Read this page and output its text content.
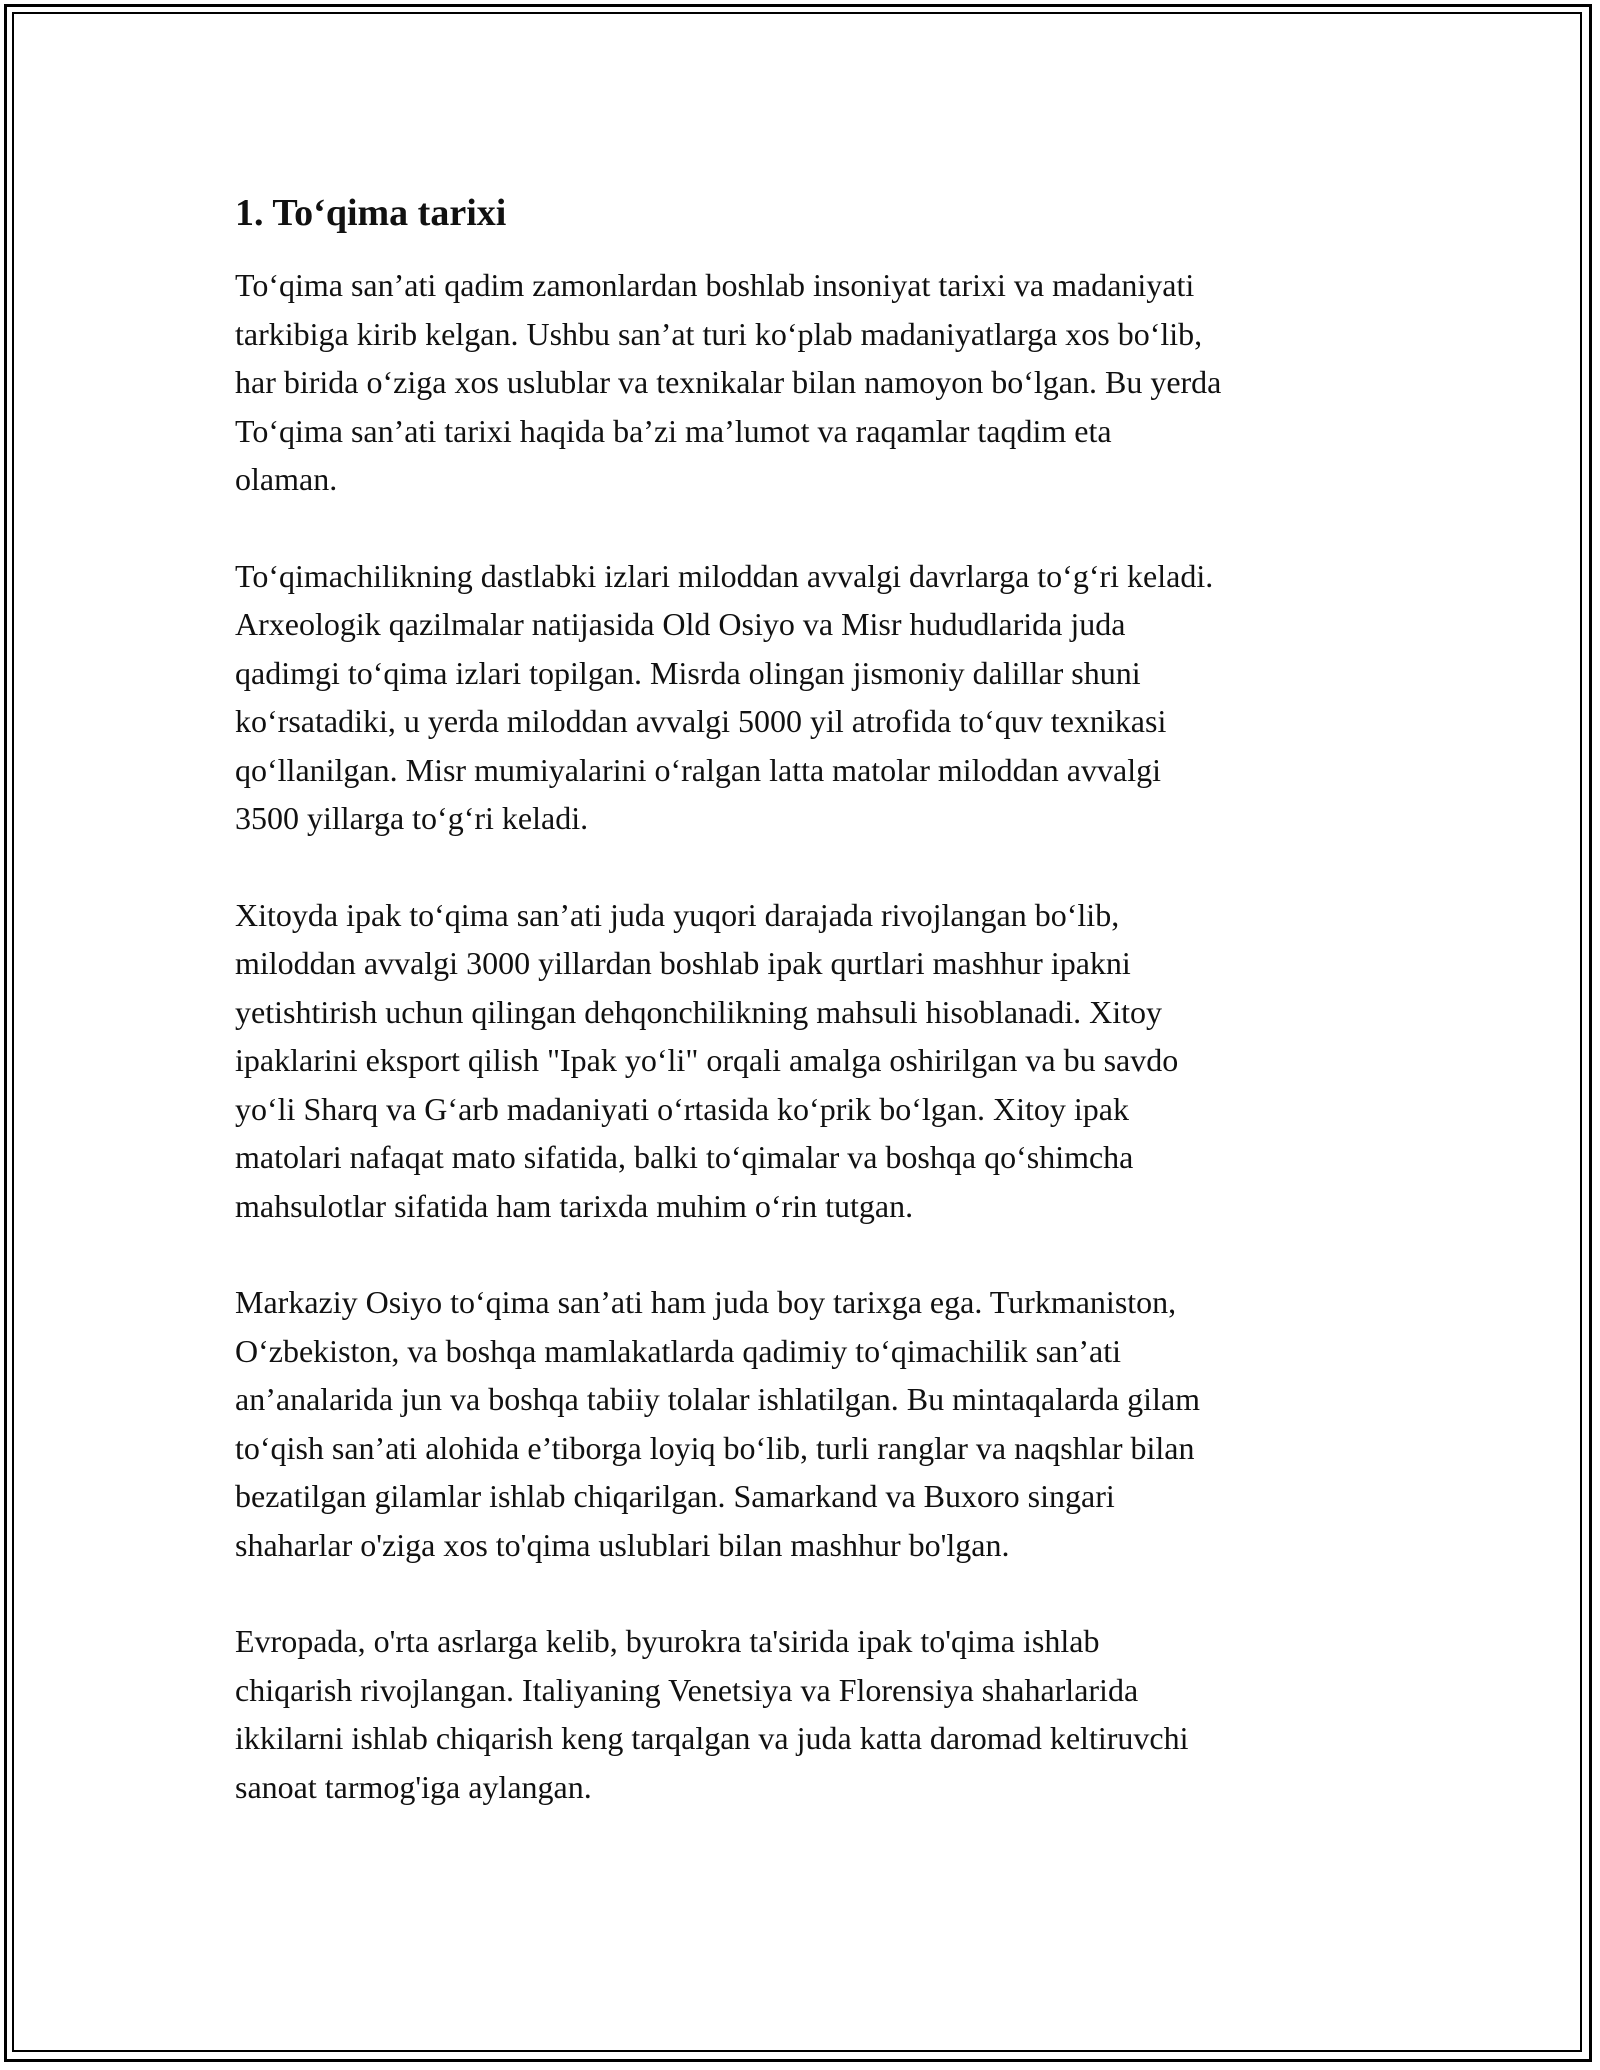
1. To‘qima tarixi

To‘qima san’ati qadim zamonlardan boshlab insoniyat tarixi va madaniyati
tarkibiga kirib kelgan. Ushbu san’at turi ko‘plab madaniyatlarga xos bo‘lib,
har birida o‘ziga xos uslublar va texnikalar bilan namoyon bo‘lgan. Bu yerda
To‘qima san’ati tarixi haqida ba’zi ma’lumot va raqamlar taqdim eta
olaman.

To‘qimachilikning dastlabki izlari miloddan avvalgi davrlarga to‘g‘ri keladi.
Arxeologik qazilmalar natijasida Old Osiyo va Misr hududlarida juda
qadimgi to‘qima izlari topilgan. Misrda olingan jismoniy dalillar shuni
ko‘rsatadiki, u yerda miloddan avvalgi 5000 yil atrofida to‘quv texnikasi
qo‘llanilgan. Misr mumiyalarini o‘ralgan latta matolar miloddan avvalgi
3500 yillarga to‘g‘ri keladi.

Xitoyda ipak to‘qima san’ati juda yuqori darajada rivojlangan bo‘lib,
miloddan avvalgi 3000 yillardan boshlab ipak qurtlari mashhur ipakni
yetishtirish uchun qilingan dehqonchilikning mahsuli hisoblanadi. Xitoy
ipaklarini eksport qilish "Ipak yo‘li" orqali amalga oshirilgan va bu savdo
yo‘li Sharq va G‘arb madaniyati o‘rtasida ko‘prik bo‘lgan. Xitoy ipak
matolari nafaqat mato sifatida, balki to‘qimalar va boshqa qo‘shimcha
mahsulotlar sifatida ham tarixda muhim o‘rin tutgan.

Markaziy Osiyo to‘qima san’ati ham juda boy tarixga ega. Turkmaniston,
O‘zbekiston, va boshqa mamlakatlarda qadimiy to‘qimachilik san’ati
an’analarida jun va boshqa tabiiy tolalar ishlatilgan. Bu mintaqalarda gilam
to‘qish san’ati alohida e’tiborga loyiq bo‘lib, turli ranglar va naqshlar bilan
bezatilgan gilamlar ishlab chiqarilgan. Samarkand va Buxoro singari
shaharlar o'ziga xos to'qima uslublari bilan mashhur bo'lgan.

Evropada, o'rta asrlarga kelib, byurokra ta'sirida ipak to'qima ishlab
chiqarish rivojlangan. Italiyaning Venetsiya va Florensiya shaharlarida
ikkilarni ishlab chiqarish keng tarqalgan va juda katta daromad keltiruvchi
sanoat tarmog'iga aylangan.
